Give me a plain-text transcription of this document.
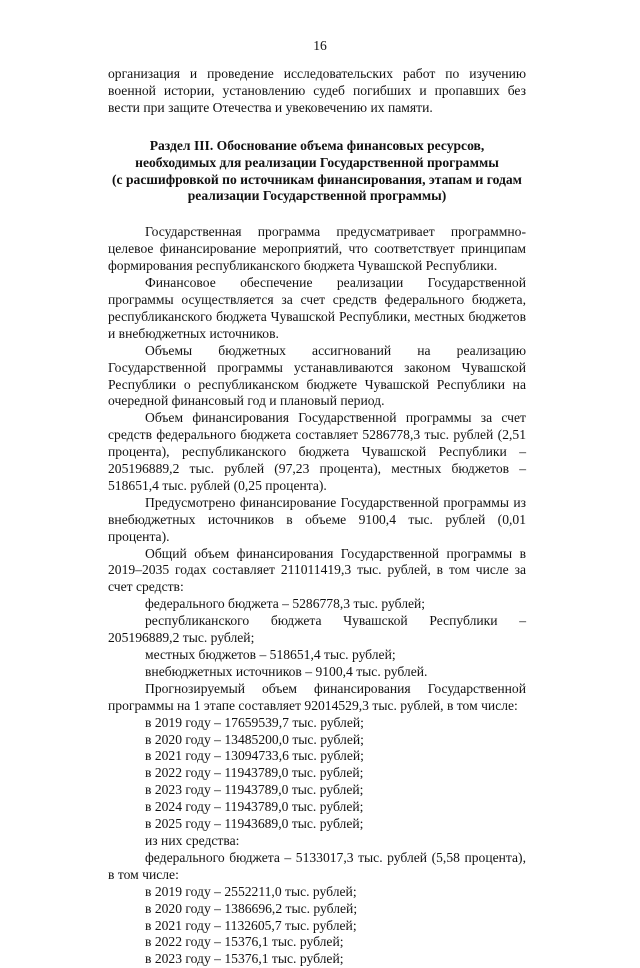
16

организация и проведение исследовательских работ по изучению военной истории, установлению судеб погибших и пропавших без вести при защите Отечества и увековечению их памяти.

Раздел III. Обоснование объема финансовых ресурсов,
необходимых для реализации Государственной программы
(с расшифровкой по источникам финансирования, этапам и годам
реализации Государственной программы)

Государственная программа предусматривает программно-целевое финансирование мероприятий, что соответствует принципам формирования республиканского бюджета Чувашской Республики.

Финансовое обеспечение реализации Государственной программы осуществляется за счет средств федерального бюджета, республиканского бюджета Чувашской Республики, местных бюджетов и внебюджетных источников.

Объемы бюджетных ассигнований на реализацию Государственной программы устанавливаются законом Чувашской Республики о республиканском бюджете Чувашской Республики на очередной финансовый год и плановый период.

Объем финансирования Государственной программы за счет средств федерального бюджета составляет 5286778,3 тыс. рублей (2,51 процента), республиканского бюджета Чувашской Республики – 205196889,2 тыс. рублей (97,23 процента), местных бюджетов – 518651,4 тыс. рублей (0,25 процента).

Предусмотрено финансирование Государственной программы из внебюджетных источников в объеме 9100,4 тыс. рублей (0,01 процента).

Общий объем финансирования Государственной программы в 2019–2035 годах составляет 211011419,3 тыс. рублей, в том числе за счет средств:

федерального бюджета – 5286778,3 тыс. рублей;

республиканского бюджета Чувашской Республики – 205196889,2 тыс. рублей;

местных бюджетов – 518651,4 тыс. рублей;

внебюджетных источников – 9100,4 тыс. рублей.

Прогнозируемый объем финансирования Государственной программы на 1 этапе составляет 92014529,3 тыс. рублей, в том числе:

в 2019 году – 17659539,7 тыс. рублей;

в 2020 году – 13485200,0 тыс. рублей;

в 2021 году – 13094733,6 тыс. рублей;

в 2022 году – 11943789,0 тыс. рублей;

в 2023 году – 11943789,0 тыс. рублей;

в 2024 году – 11943789,0 тыс. рублей;

в 2025 году – 11943689,0 тыс. рублей;

из них средства:

федерального бюджета – 5133017,3 тыс. рублей (5,58 процента), в том числе:

в 2019 году – 2552211,0 тыс. рублей;

в 2020 году – 1386696,2 тыс. рублей;

в 2021 году – 1132605,7 тыс. рублей;

в 2022 году – 15376,1 тыс. рублей;

в 2023 году – 15376,1 тыс. рублей;
